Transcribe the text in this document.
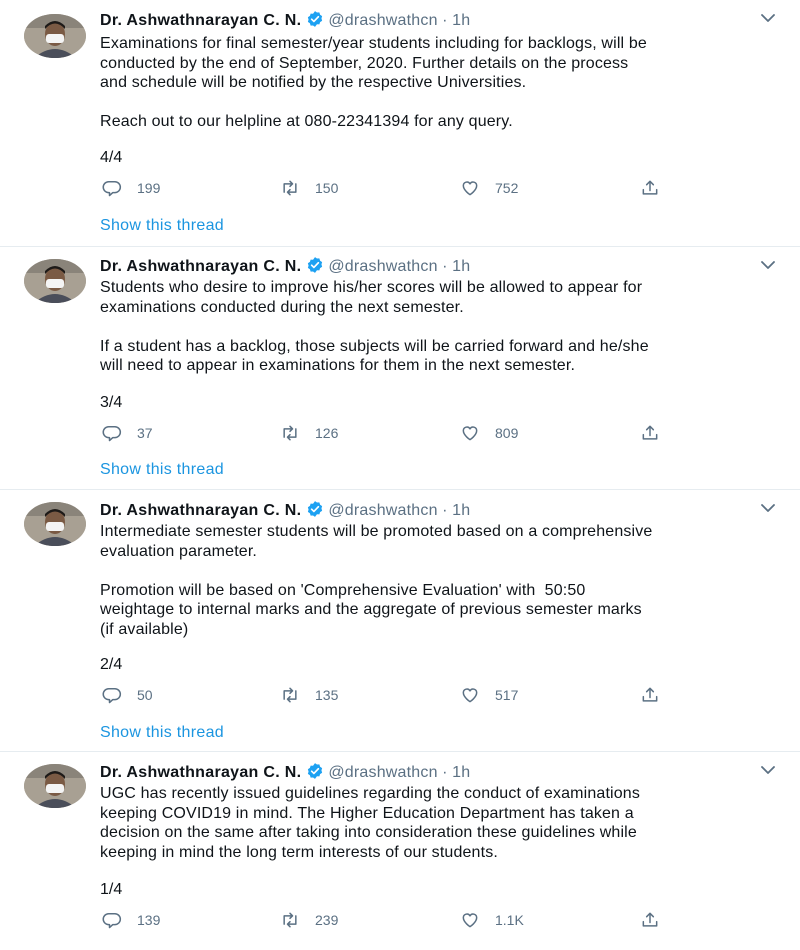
Dr. Ashwathnarayan C. N. @drashwathcn · 1h

Examinations for final semester/year students including for backlogs, will be
conducted by the end of September, 2020. Further details on the process
and schedule will be notified by the respective Universities.

Reach out to our helpline at 080-22341394 for any query.

4/4
199	150	752
Show this thread
Dr. Ashwathnarayan C. N. @drashwathcn · 1h

Students who desire to improve his/her scores will be allowed to appear for
examinations conducted during the next semester.

If a student has a backlog, those subjects will be carried forward and he/she
will need to appear in examinations for them in the next semester.

3/4
37	126	809
Show this thread
Dr. Ashwathnarayan C. N. @drashwathcn · 1h

Intermediate semester students will be promoted based on a comprehensive
evaluation parameter.

Promotion will be based on 'Comprehensive Evaluation' with  50:50
weightage to internal marks and the aggregate of previous semester marks
(if available)

2/4
50	135	517
Show this thread
Dr. Ashwathnarayan C. N. @drashwathcn · 1h

UGC has recently issued guidelines regarding the conduct of examinations
keeping COVID19 in mind. The Higher Education Department has taken a
decision on the same after taking into consideration these guidelines while
keeping in mind the long term interests of our students.

1/4
139	239	1.1K
